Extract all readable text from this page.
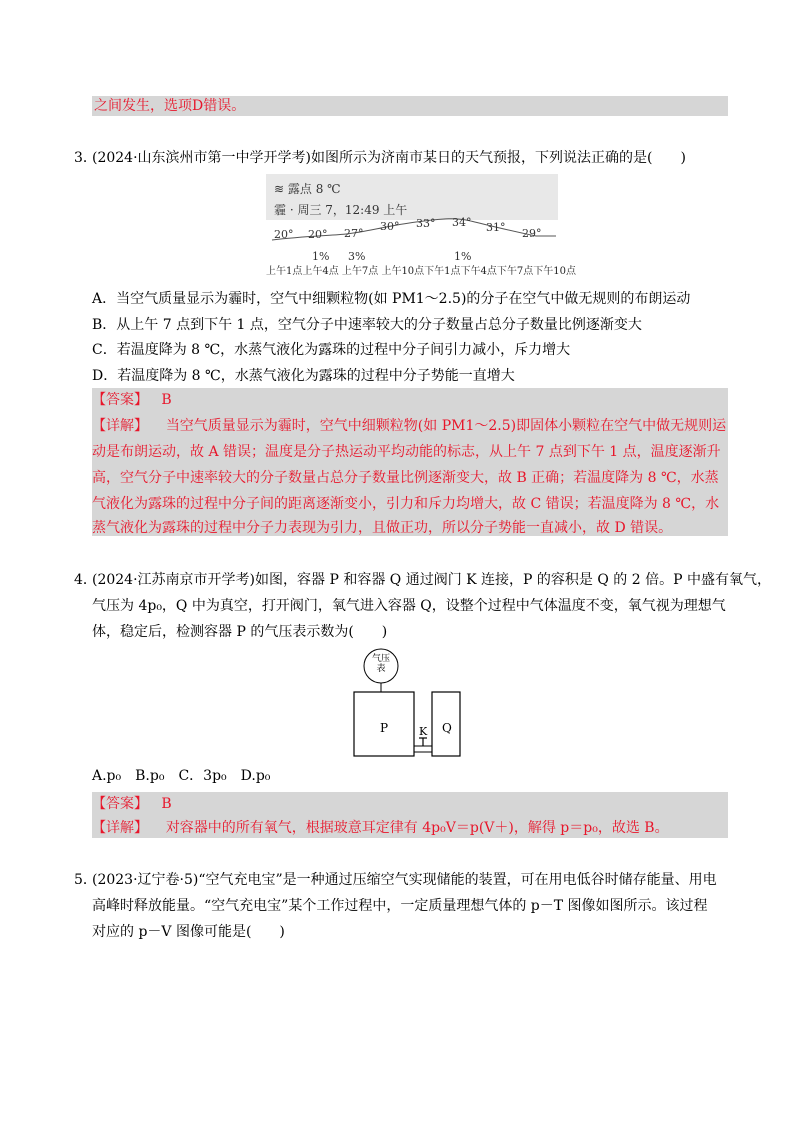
之间发生，选项D错误。
3．
(2024·山东滨州市第一中学开学考)如图所示为济南市某日的天气预报，下列说法正确的是(　　)
≋ 露点 8 ℃
霾 · 周三 7，12:49 上午
20° 20° 27°
30° 33° 34° 31° 29°
1% 3%	1%
上午1点上午4点 上午7点 上午10点下午1点下午4点下午7点下午10点
A．当空气质量显示为霾时，空气中细颗粒物(如 PM1～2.5)的分子在空气中做无规则的布朗运动
B．从上午 7 点到下午 1 点，空气分子中速率较大的分子数量占总分子数量比例逐渐变大
C．若温度降为 8 ℃，水蒸气液化为露珠的过程中分子间引力减小，斥力增大
D．若温度降为 8 ℃，水蒸气液化为露珠的过程中分子势能一直增大
【答案】 B
【详解】 当空气质量显示为霾时，空气中细颗粒物(如 PM1～2.5)即固体小颗粒在空气中做无规则运
动是布朗运动，故 A 错误；温度是分子热运动平均动能的标志，从上午 7 点到下午 1 点，温度逐渐升
高，空气分子中速率较大的分子数量占总分子数量比例逐渐变大，故 B 正确；若温度降为 8 ℃，水蒸
气液化为露珠的过程中分子间的距离逐渐变小，引力和斥力均增大，故 C 错误；若温度降为 8 ℃，水
蒸气液化为露珠的过程中分子力表现为引力，且做正功，所以分子势能一直减小，故 D 错误。
4．
(2024·江苏南京市开学考)如图，容器 P 和容器 Q 通过阀门 K 连接，P 的容积是 Q 的 2 倍。P 中盛有氧气，
气压为 4p₀，Q 中为真空，打开阀门，氧气进入容器 Q，设整个过程中气体温度不变，氧气视为理想气
体，稳定后，检测容器 P 的气压表示数为(　　)
气压表
P	K Q
A.p₀　B.p₀　C．3p₀　D.p₀
【答案】 B
【详解】 对容器中的所有氧气，根据玻意耳定律有 4p₀V＝p(V＋)，解得 p＝p₀，故选 B。
5．
(2023·辽宁卷·5)“空气充电宝”是一种通过压缩空气实现储能的装置，可在用电低谷时储存能量、用电
高峰时释放能量。“空气充电宝”某个工作过程中，一定质量理想气体的 p－T 图像如图所示。该过程
对应的 p－V 图像可能是(　　)
